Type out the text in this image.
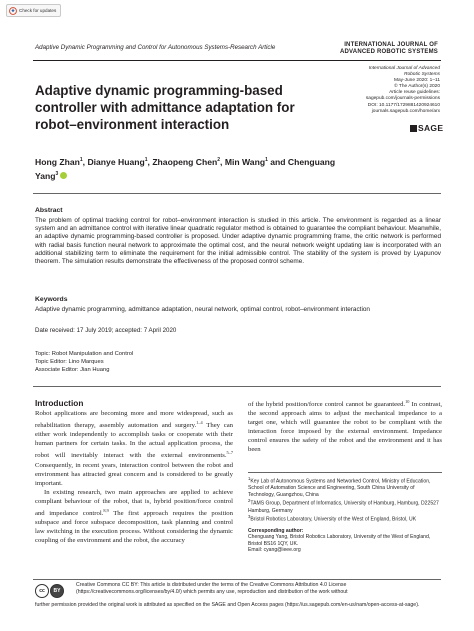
Check for updates
Adaptive Dynamic Programming and Control for Autonomous Systems-Research Article	INTERNATIONAL JOURNAL OF
ADVANCED ROBOTIC SYSTEMS
Adaptive dynamic programming-based controller with admittance adaptation for robot–environment interaction
International Journal of Advanced
Robotic Systems
May-June 2020: 1–11
© The Author(s) 2020
Article reuse guidelines:
sagepub.com/journals-permissions
DOI: 10.1177/1729881420924610
journals.sagepub.com/home/arx
SAGE
Hong Zhan$^1$, Dianye Huang$^1$, Zhaopeng Chen$^2$, Min Wang$^1$ and Chenguang Yang$^3$
Abstract
The problem of optimal tracking control for robot–environment interaction is studied in this article. The environment is regarded as a linear system and an admittance control with iterative linear quadratic regulator method is obtained to guarantee the compliant behaviour. Meanwhile, an adaptive dynamic programming-based controller is proposed. Under adaptive dynamic programming frame, the critic network is performed with radial basis function neural network to approximate the optimal cost, and the neural network weight updating law is incorporated with an additional stabilizing term to eliminate the requirement for the initial admissible control. The stability of the system is proved by Lyapunov theorem. The simulation results demonstrate the effectiveness of the proposed control scheme.
Keywords
Adaptive dynamic programming, admittance adaptation, neural network, optimal control, robot–environment interaction
Date received: 17 July 2019; accepted: 7 April 2020
Topic: Robot Manipulation and Control
Topic Editor: Lino Marques
Associate Editor: Jian Huang
Introduction

Robot applications are becoming more and more widespread, such as rehabilitation therapy, assembly automation and surgery.$^{1-4}$ They can either work independently to accomplish tasks or cooperate with their human partners for certain tasks. In the actual application process, the robot will inevitably interact with the external environments.$^{5-7}$ Consequently, in recent years, interaction control between the robot and environment has attracted great concern and is considered to be greatly important.

In existing research, two main approaches are applied to achieve compliant behaviour of the robot, that is, hybrid position/force control and impedance control.$^{8,9}$ The first approach requires the position subspace and force subspace decomposition, task planning and control law switching in the execution process. Without considering the dynamic coupling of the environment and the robot, the accuracy

of the hybrid position/force control cannot be guaranteed.$^{10}$ In contrast, the second approach aims to adjust the mechanical impedance to a target one, which will guarantee the robot to be compliant with the interaction force imposed by the external environment. Impedance control ensures the safety of the robot and the environment and it has been

$^1$Key Lab of Autonomous Systems and Networked Control, Ministry of Education, School of Automation Science and Engineering, South China University of Technology, Guangzhou, China

$^2$TAMS Group, Department of Informatics, University of Hamburg, Hamburg, D22527 Hamburg, Germany

$^3$Bristol Robotics Laboratory, University of the West of England, Bristol, UK

Corresponding author:

Chenguang Yang, Bristol Robotics Laboratory, University of the West of England, Bristol BS16 1QY, UK.

Email: cyang@ieee.org

cc	BY
Creative Commons CC BY: This article is distributed under the terms of the Creative Commons Attribution 4.0 License (https://creativecommons.org/licenses/by/4.0/) which permits any use, reproduction and distribution of the work without
further permission provided the original work is attributed as specified on the SAGE and Open Access pages (https://us.sagepub.com/en-us/nam/open-access-at-sage).
